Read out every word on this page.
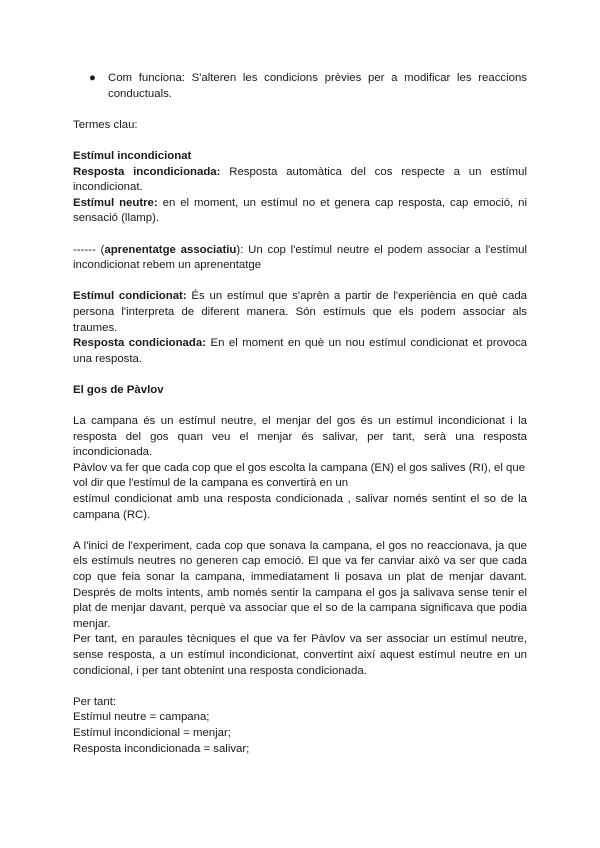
● Com funciona: S'alteren les condicions prèvies per a modificar les reaccions conductuals.

Termes clau:

Estímul incondicionat

Resposta incondicionada: Resposta automàtica del cos respecte a un estímul incondicionat.

Estímul neutre: en el moment, un estímul no et genera cap resposta, cap emoció, ni sensació (llamp).

------ (aprenentatge associatiu): Un cop l'estímul neutre el podem associar a l'estímul incondicionat rebem un aprenentatge

Estímul condicionat: És un estímul que s'aprèn a partir de l'experiència en què cada persona l'interpreta de diferent manera. Són estímuls que els podem associar als traumes.

Resposta condicionada: En el moment en què un nou estímul condicionat et provoca una resposta.

El gos de Pàvlov

La campana és un estímul neutre, el menjar del gos és un estímul incondicionat i la resposta del gos quan veu el menjar és salivar, per tant, serà una resposta incondicionada.

Pàvlov va fer que cada cop que el gos escolta la campana (EN) el gos salives (RI), el que vol dir que l'estímul de la campana es convertirà en un

estímul condicionat amb una resposta condicionada , salivar només sentint el so de la campana (RC).

A l'inici de l'experiment, cada cop que sonava la campana, el gos no reaccionava, ja que els estímuls neutres no generen cap emoció. El que va fer canviar això va ser que cada cop que feia sonar la campana, immediatament li posava un plat de menjar davant. Després de molts intents, amb només sentir la campana el gos ja salivava sense tenir el plat de menjar davant, perquè va associar que el so de la campana significava que podia menjar.

Per tant, en paraules tècniques el que va fer Pàvlov va ser associar un estímul neutre, sense resposta, a un estímul incondicionat, convertint així aquest estímul neutre en un condicional, i per tant obtenint una resposta condicionada.

Per tant:

Estímul neutre = campana;

Estímul incondicional = menjar;

Resposta incondicionada = salivar;
